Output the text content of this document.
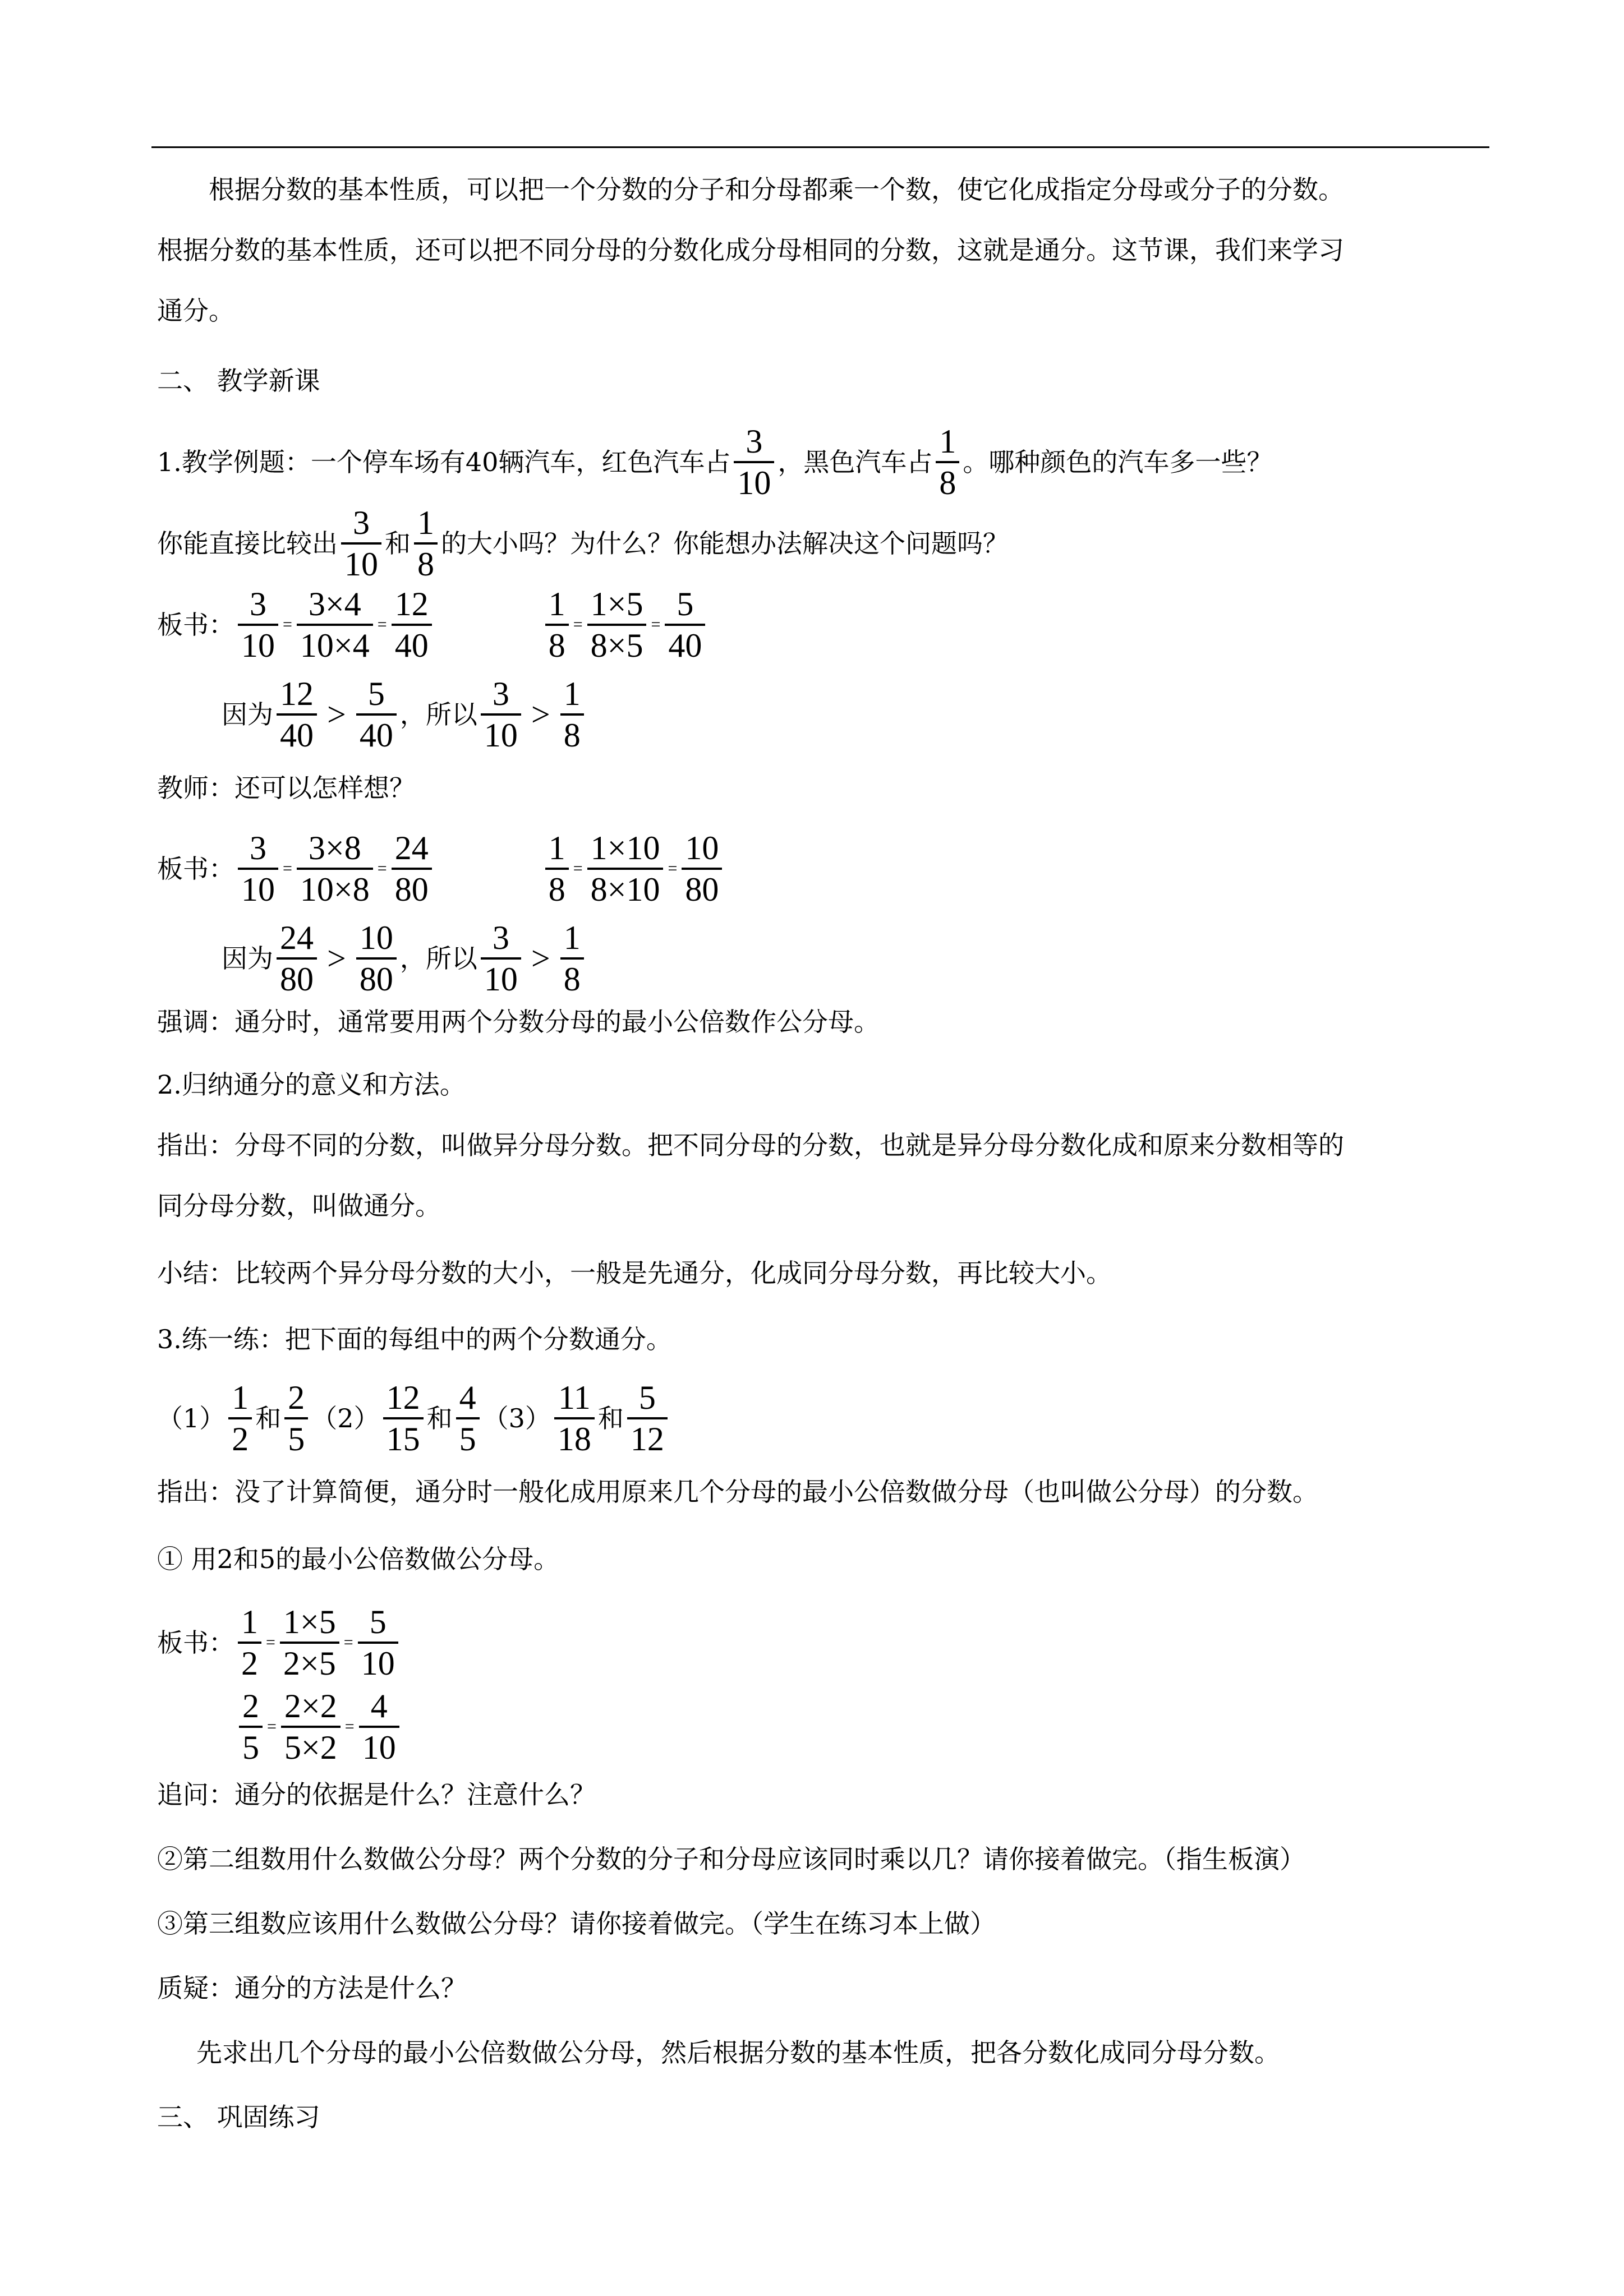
根据分数的基本性质，可以把一个分数的分子和分母都乘一个数，使它化成指定分母或分子的分数。
根据分数的基本性质，还可以把不同分母的分数化成分母相同的分数，这就是通分。这节课，我们来学习
通分。
二、 教学新课
1.教学例题：一个停车场有40辆汽车，红色汽车占 $\frac{3}{10}$ ，黑色汽车占 $\frac{1}{8}$ 。哪种颜色的汽车多一些？
你能直接比较出 $\frac{3}{10}$ 和 $\frac{1}{8}$ 的大小吗？为什么？你能想办法解决这个问题吗？
板书： $\frac{3}{10} = \frac{3\times 4}{10\times 4} = \frac{12}{40}$	$\frac{1}{8} = \frac{1\times 5}{8\times 5} = \frac{5}{40}$
因为 $\frac{12}{40} > \frac{5}{40}$ ，所以 $\frac{3}{10} > \frac{1}{8}$
教师：还可以怎样想？
板书： $\frac{3}{10} = \frac{3\times 8}{10\times 8} = \frac{24}{80}$	$\frac{1}{8} = \frac{1\times 10}{8\times 10} = \frac{10}{80}$
因为 $\frac{24}{80} > \frac{10}{80}$ ，所以 $\frac{3}{10} > \frac{1}{8}$
强调：通分时，通常要用两个分数分母的最小公倍数作公分母。
2.归纳通分的意义和方法。
指出：分母不同的分数，叫做异分母分数。把不同分母的分数，也就是异分母分数化成和原来分数相等的
同分母分数，叫做通分。
小结：比较两个异分母分数的大小，一般是先通分，化成同分母分数，再比较大小。
3.练一练：把下面的每组中的两个分数通分。
$(1) \frac{1}{2}$ 和 $\frac{2}{5} (2) \frac{12}{15}$ 和 $\frac{4}{5} (3) \frac{11}{18}$ 和 $\frac{5}{12}$
指出：没了计算简便，通分时一般化成用原来几个分母的最小公倍数做分母（也叫做公分母）的分数。
① 用2和5的最小公倍数做公分母。
板书： $\frac{1}{2} = \frac{1\times 5}{2\times 5} = \frac{5}{10}$
$\frac{2}{5} = \frac{2\times 2}{5\times 2} = \frac{4}{10}$
追问：通分的依据是什么？注意什么？
②第二组数用什么数做公分母？两个分数的分子和分母应该同时乘以几？请你接着做完。（指生板演）
③第三组数应该用什么数做公分母？请你接着做完。（学生在练习本上做）
质疑：通分的方法是什么？
先求出几个分母的最小公倍数做公分母，然后根据分数的基本性质，把各分数化成同分母分数。
三、 巩固练习
